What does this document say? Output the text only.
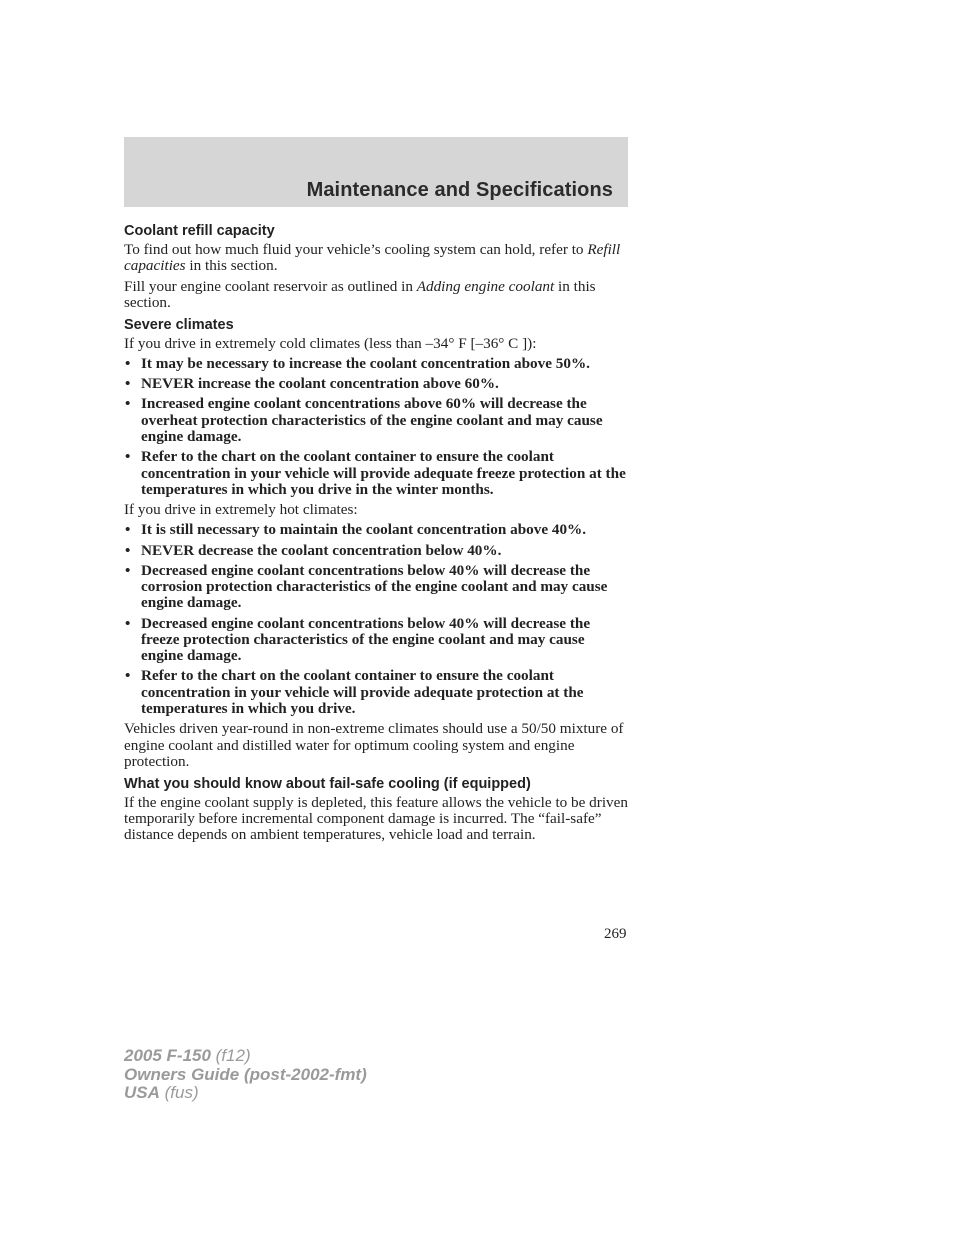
Maintenance and Specifications
Coolant refill capacity

To find out how much fluid your vehicle’s cooling system can hold, refer to Refill capacities in this section.

Fill your engine coolant reservoir as outlined in Adding engine coolant in this section.

Severe climates

If you drive in extremely cold climates (less than –34° F [–36° C ]):

• It may be necessary to increase the coolant concentration above 50%.
• NEVER increase the coolant concentration above 60%.
• Increased engine coolant concentrations above 60% will decrease the overheat protection characteristics of the engine coolant and may cause engine damage.
• Refer to the chart on the coolant container to ensure the coolant concentration in your vehicle will provide adequate freeze protection at the temperatures in which you drive in the winter months.

If you drive in extremely hot climates:

• It is still necessary to maintain the coolant concentration above 40%.
• NEVER decrease the coolant concentration below 40%.
• Decreased engine coolant concentrations below 40% will decrease the corrosion protection characteristics of the engine coolant and may cause engine damage.
• Decreased engine coolant concentrations below 40% will decrease the freeze protection characteristics of the engine coolant and may cause engine damage.
• Refer to the chart on the coolant container to ensure the coolant concentration in your vehicle will provide adequate protection at the temperatures in which you drive.

Vehicles driven year-round in non-extreme climates should use a 50/50 mixture of engine coolant and distilled water for optimum cooling system and engine protection.

What you should know about fail-safe cooling (if equipped)

If the engine coolant supply is depleted, this feature allows the vehicle to be driven temporarily before incremental component damage is incurred. The “fail-safe” distance depends on ambient temperatures, vehicle load and terrain.

269
2005 F-150 (f12)
Owners Guide (post-2002-fmt)
USA (fus)
